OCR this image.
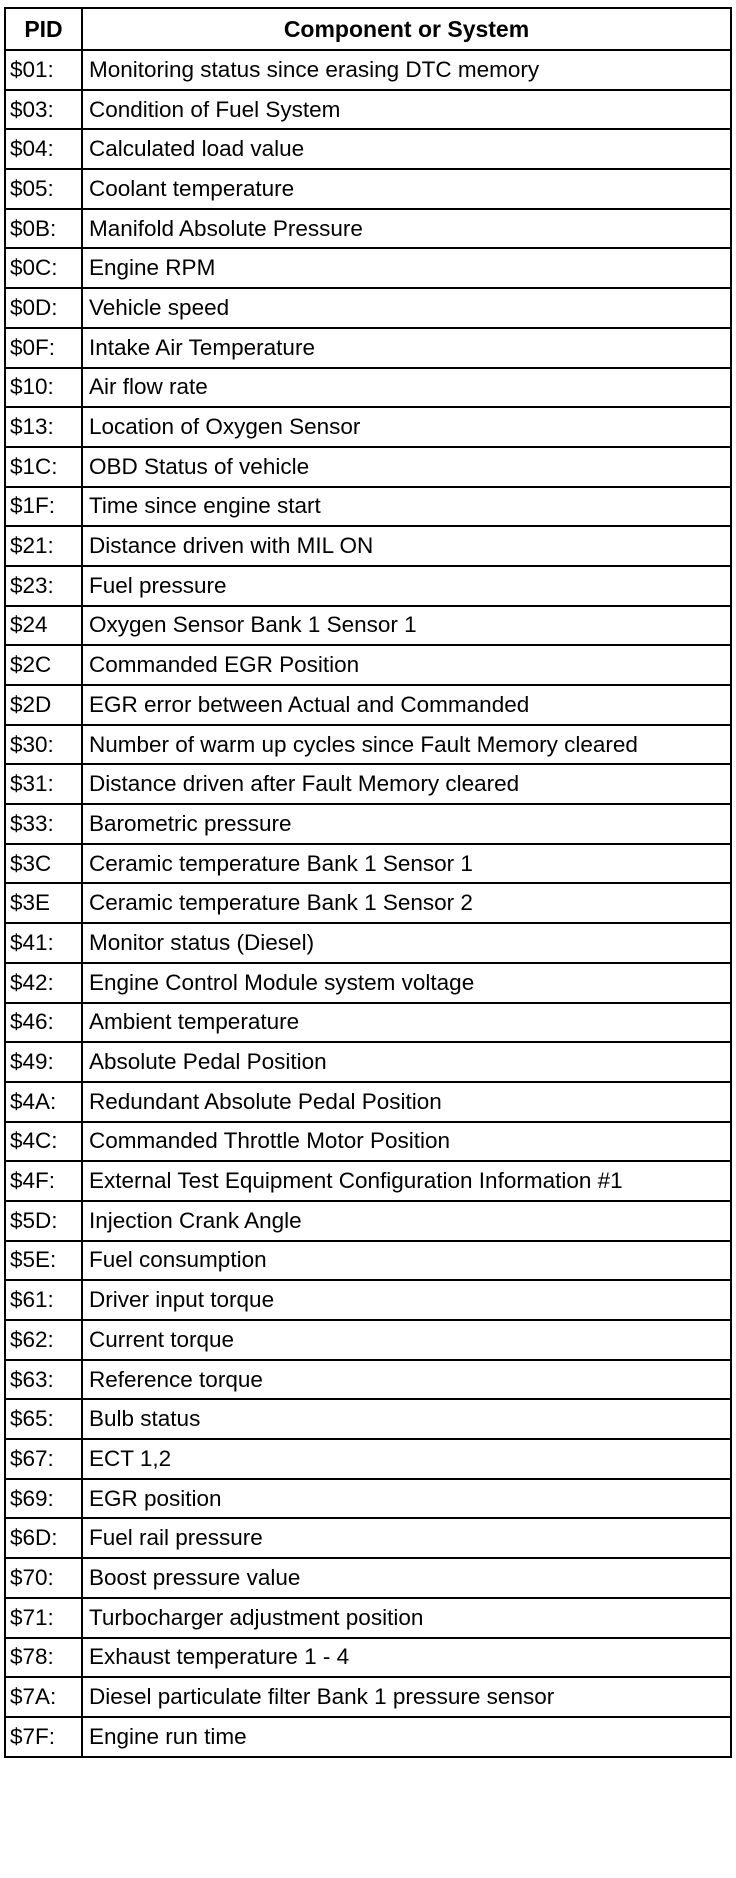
PID	Component or System
$01:	Monitoring status since erasing DTC memory
$03:	Condition of Fuel System
$04:	Calculated load value
$05:	Coolant temperature
$0B:	Manifold Absolute Pressure
$0C:	Engine RPM
$0D:	Vehicle speed
$0F:	Intake Air Temperature
$10:	Air flow rate
$13:	Location of Oxygen Sensor
$1C:	OBD Status of vehicle
$1F:	Time since engine start
$21:	Distance driven with MIL ON
$23:	Fuel pressure
$24	Oxygen Sensor Bank 1 Sensor 1
$2C	Commanded EGR Position
$2D	EGR error between Actual and Commanded
$30:	Number of warm up cycles since Fault Memory cleared
$31:	Distance driven after Fault Memory cleared
$33:	Barometric pressure
$3C	Ceramic temperature Bank 1 Sensor 1
$3E	Ceramic temperature Bank 1 Sensor 2
$41:	Monitor status (Diesel)
$42:	Engine Control Module system voltage
$46:	Ambient temperature
$49:	Absolute Pedal Position
$4A:	Redundant Absolute Pedal Position
$4C:	Commanded Throttle Motor Position
$4F:	External Test Equipment Configuration Information #1
$5D:	Injection Crank Angle
$5E:	Fuel consumption
$61:	Driver input torque
$62:	Current torque
$63:	Reference torque
$65:	Bulb status
$67:	ECT 1,2
$69:	EGR position
$6D:	Fuel rail pressure
$70:	Boost pressure value
$71:	Turbocharger adjustment position
$78:	Exhaust temperature 1 - 4
$7A:	Diesel particulate filter Bank 1 pressure sensor
$7F:	Engine run time
